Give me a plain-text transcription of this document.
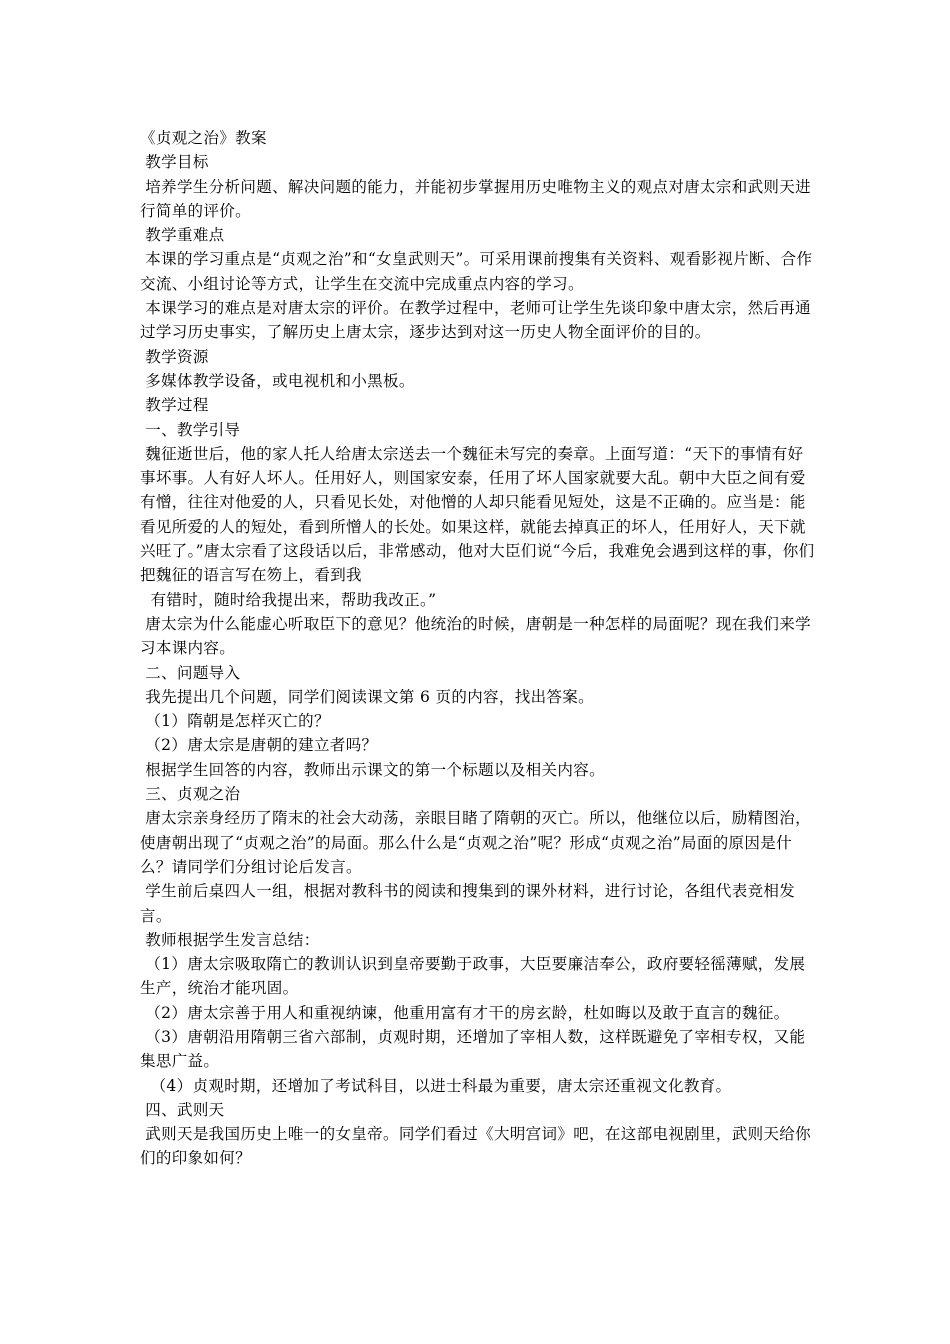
《贞观之治》教案

教学目标

培养学生分析问题、解决问题的能力，并能初步掌握用历史唯物主义的观点对唐太宗和武则天进行简单的评价。

教学重难点

本课的学习重点是“贞观之治”和“女皇武则天”。可采用课前搜集有关资料、观看影视片断、合作交流、小组讨论等方式，让学生在交流中完成重点内容的学习。

本课学习的难点是对唐太宗的评价。在教学过程中，老师可让学生先谈印象中唐太宗，然后再通过学习历史事实，了解历史上唐太宗，逐步达到对这一历史人物全面评价的目的。

教学资源

多媒体教学设备，或电视机和小黑板。

教学过程

一、教学引导

魏征逝世后，他的家人托人给唐太宗送去一个魏征未写完的奏章。上面写道：“天下的事情有好事坏事。人有好人坏人。任用好人，则国家安泰，任用了坏人国家就要大乱。朝中大臣之间有爱有憎，往往对他爱的人，只看见长处，对他憎的人却只能看见短处，这是不正确的。应当是：能看见所爱的人的短处，看到所憎人的长处。如果这样，就能去掉真正的坏人，任用好人，天下就兴旺了。”唐太宗看了这段话以后，非常感动，他对大臣们说“今后，我难免会遇到这样的事，你们把魏征的语言写在笏上，看到我

有错时，随时给我提出来，帮助我改正。”

唐太宗为什么能虚心听取臣下的意见？他统治的时候，唐朝是一种怎样的局面呢？现在我们来学习本课内容。

二、问题导入

我先提出几个问题，同学们阅读课文第 6 页的内容，找出答案。

（1）隋朝是怎样灭亡的？

（2）唐太宗是唐朝的建立者吗？

根据学生回答的内容，教师出示课文的第一个标题以及相关内容。

三、贞观之治

唐太宗亲身经历了隋末的社会大动荡，亲眼目睹了隋朝的灭亡。所以，他继位以后，励精图治，使唐朝出现了“贞观之治”的局面。那么什么是“贞观之治”呢？形成“贞观之治”局面的原因是什么？请同学们分组讨论后发言。

学生前后桌四人一组，根据对教科书的阅读和搜集到的课外材料，进行讨论，各组代表竞相发言。

教师根据学生发言总结：

（1）唐太宗吸取隋亡的教训认识到皇帝要勤于政事，大臣要廉洁奉公，政府要轻徭薄赋，发展生产，统治才能巩固。

（2）唐太宗善于用人和重视纳谏，他重用富有才干的房玄龄，杜如晦以及敢于直言的魏征。

（3）唐朝沿用隋朝三省六部制，贞观时期，还增加了宰相人数，这样既避免了宰相专权，又能集思广益。

（4）贞观时期，还增加了考试科目，以进士科最为重要，唐太宗还重视文化教育。

四、武则天

武则天是我国历史上唯一的女皇帝。同学们看过《大明宫词》吧，在这部电视剧里，武则天给你们的印象如何？
